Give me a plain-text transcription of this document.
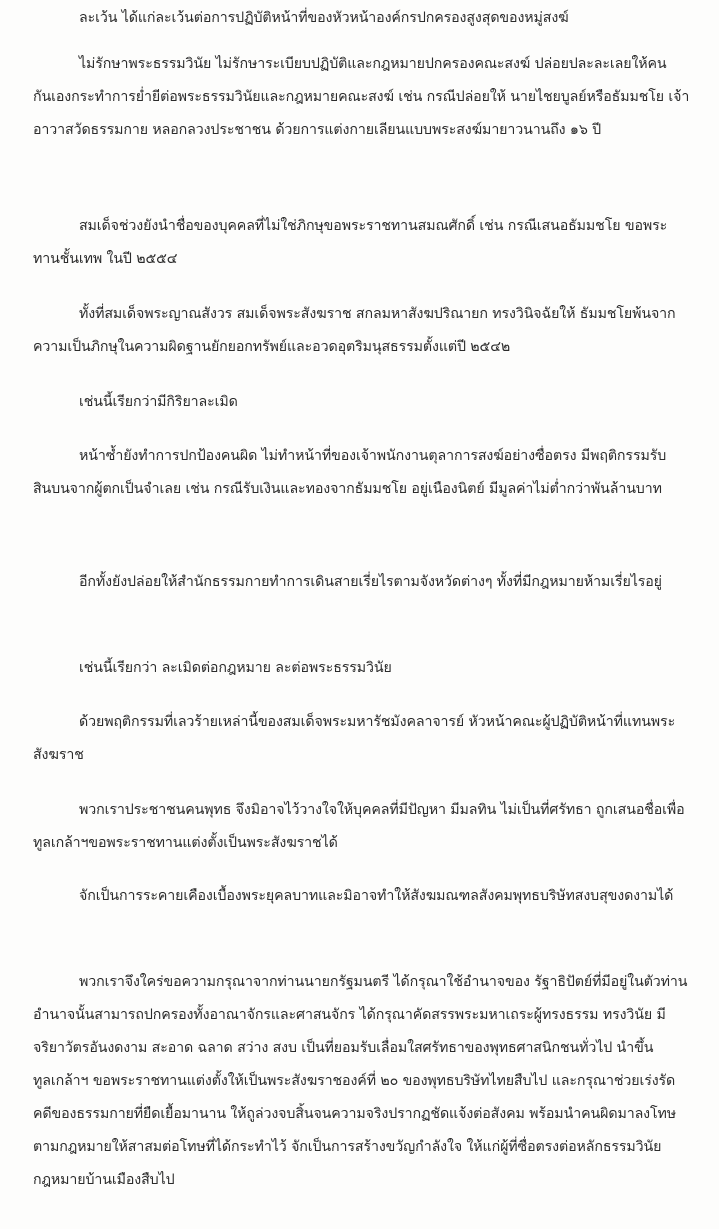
ละเว้น ได้แก่ละเว้นต่อการปฏิบัติหน้าที่ของหัวหน้าองค์กรปกครองสูงสุดของหมู่สงฆ์

ไม่รักษาพระธรรมวินัย ไม่รักษาระเบียบปฏิบัติและกฎหมายปกครองคณะสงฆ์ ปล่อยปละละเลยให้คนกันเองกระทำการย่ำยีต่อพระธรรมวินัยและกฎหมายคณะสงฆ์ เช่น กรณีปล่อยให้ นายไชยบูลย์หรือธัมมชโย เจ้าอาวาสวัดธรรมกาย หลอกลวงประชาชน ด้วยการแต่งกายเลียนแบบพระสงฆ์มายาวนานถึง ๑๖ ปี

สมเด็จช่วงยังนำชื่อของบุคคลที่ไม่ใช่ภิกษุขอพระราชทานสมณศักดิ์ เช่น กรณีเสนอธัมมชโย ขอพระทานชั้นเทพ ในปี ๒๕๕๔

ทั้งที่สมเด็จพระญาณสังวร สมเด็จพระสังฆราช สกลมหาสังฆปริณายก ทรงวินิจฉัยให้ ธัมมชโยพ้นจากความเป็นภิกษุในความผิดฐานยักยอกทรัพย์และอวดอุตริมนุสธรรมตั้งแต่ปี ๒๕๔๒

เช่นนี้เรียกว่ามีกิริยาละเมิด

หน้าซ้ำยังทำการปกป้องคนผิด ไม่ทำหน้าที่ของเจ้าพนักงานตุลาการสงฆ์อย่างซื่อตรง มีพฤติกรรมรับสินบนจากผู้ตกเป็นจำเลย เช่น กรณีรับเงินและทองจากธัมมชโย อยู่เนืองนิตย์ มีมูลค่าไม่ต่ำกว่าพันล้านบาท

อีกทั้งยังปล่อยให้สำนักธรรมกายทำการเดินสายเรี่ยไรตามจังหวัดต่างๆ ทั้งที่มีกฎหมายห้ามเรี่ยไรอยู่

เช่นนี้เรียกว่า ละเมิดต่อกฎหมาย ละต่อพระธรรมวินัย

ด้วยพฤติกรรมที่เลวร้ายเหล่านี้ของสมเด็จพระมหารัชมังคลาจารย์ หัวหน้าคณะผู้ปฏิบัติหน้าที่แทนพระสังฆราช

พวกเราประชาชนคนพุทธ จึงมิอาจไว้วางใจให้บุคคลที่มีปัญหา มีมลทิน ไม่เป็นที่ศรัทธา ถูกเสนอชื่อเพื่อทูลเกล้าฯขอพระราชทานแต่งตั้งเป็นพระสังฆราชได้

จักเป็นการระคายเคืองเบื้องพระยุคลบาทและมิอาจทำให้สังฆมณฑลสังคมพุทธบริษัทสงบสุขงดงามได้

พวกเราจึงใคร่ขอความกรุณาจากท่านนายกรัฐมนตรี ได้กรุณาใช้อำนาจของ รัฐาธิปัตย์ที่มีอยู่ในตัวท่าน อำนาจนั้นสามารถปกครองทั้งอาณาจักรและศาสนจักร ได้กรุณาคัดสรรพระมหาเถระผู้ทรงธรรม ทรงวินัย มีจริยาวัตรอันงดงาม สะอาด ฉลาด สว่าง สงบ เป็นที่ยอมรับเลื่อมใสศรัทธาของพุทธศาสนิกชนทั่วไป นำขึ้นทูลเกล้าฯ ขอพระราชทานแต่งตั้งให้เป็นพระสังฆราชองค์ที่ ๒๐ ของพุทธบริษัทไทยสืบไป และกรุณาช่วยเร่งรัดคดีของธรรมกายที่ยืดเยื้อมานาน ให้ถูล่วงจบสิ้นจนความจริงปรากฏชัดแจ้งต่อสังคม พร้อมนำคนผิดมาลงโทษตามกฎหมายให้สาสมต่อโทษที่ได้กระทำไว้ จักเป็นการสร้างขวัญกำลังใจ ให้แก่ผู้ที่ซื่อตรงต่อหลักธรรมวินัย กฎหมายบ้านเมืองสืบไป
